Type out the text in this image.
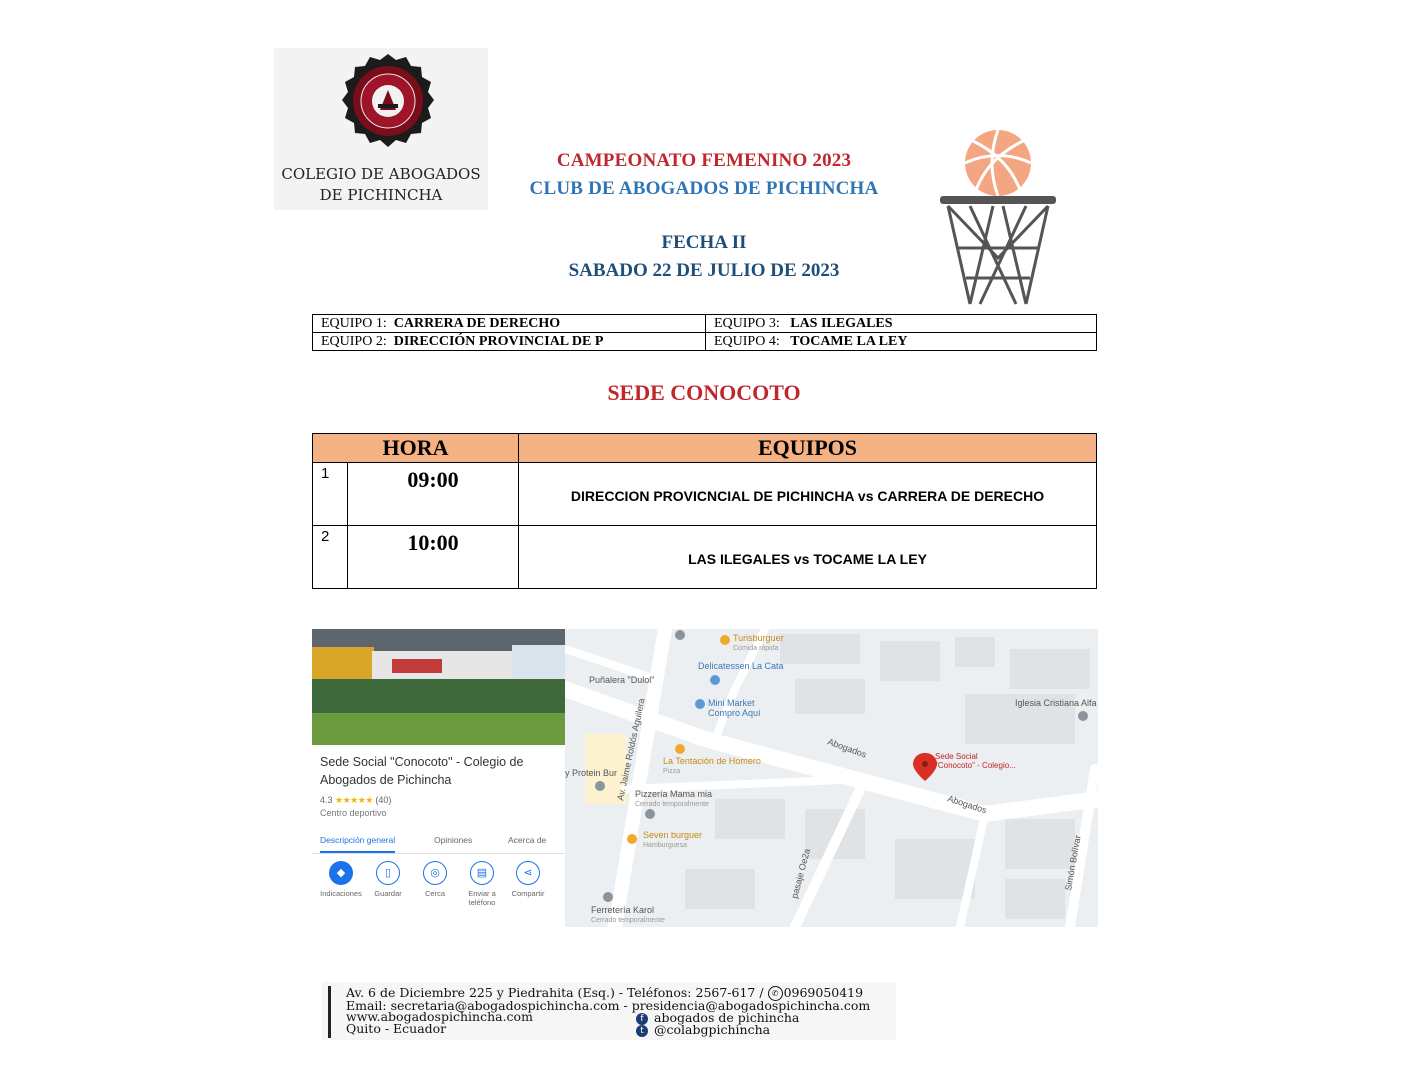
COLEGIO DE ABOGADOS
DE PICHINCHA
CAMPEONATO FEMENINO 2023
CLUB DE ABOGADOS DE PICHINCHA
FECHA II
SABADO 22 DE JULIO DE 2023
EQUIPO 1: CARRERA DE DERECHO	EQUIPO 3: LAS ILEGALES
EQUIPO 2: DIRECCIÓN PROVINCIAL DE P	EQUIPO 4: TOCAME LA LEY
SEDE CONOCOTO
HORA		EQUIPOS
1	09:00	DIRECCION PROVICNCIAL DE PICHINCHA vs CARRERA DE DERECHO
2	10:00	LAS ILEGALES vs TOCAME LA LEY
Sede Social "Conocoto" - Colegio de Abogados de Pichincha
4.3 ★★★★★ (40)
Centro deportivo
Descripción general	Opiniones	Acerca de
◆
Indicaciones
▯
Guardar
◎
Cerca
▤
Enviar a teléfono
⋖
Compartir
Turisburguer
Comida rápida
Delicatessen La Cata
Puñalera "Dulol"
Mini Market
Compro Aquí
Iglesia Cristiana Alfa
Abogados
Abogados
Sede Social
"Conocoto" - Colegio...
La Tentación de Homero
Pizza
y Protein Bur
Av. Jaime Roldós Aguilera
Pizzería Mama mia
Cerrado temporalmente
Seven burguer
Hamburguesa
Ferretería Karol
Cerrado temporalmente
pasaje Oe2a	Simón Bolívar
Av. 6 de Diciembre 225 y Piedrahita (Esq.) - Teléfonos: 2567-617 / ✆ 0969050419
Email: secretaria@abogadospichincha.com - presidencia@abogadospichincha.com
www.abogadospichincha.com
Quito - Ecuador
f abogados de pichincha
t @colabgpichincha
